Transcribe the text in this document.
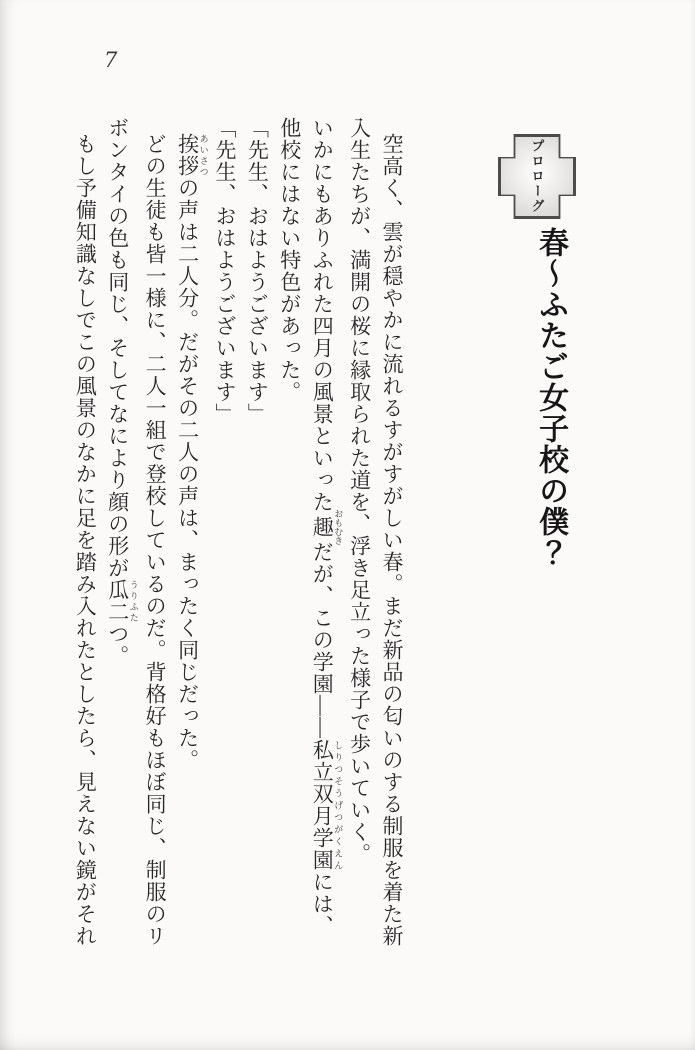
7
プロローグ
春～ふたご女子校の僕？

空高く、雲が穏やかに流れるすがすがしい春。まだ新品の匂いのする制服を着た新

入生たちが、満開の桜に縁取られた道を、浮き足立った様子で歩いていく。

いかにもありふれた四月の風景といった趣 おもむきだが、この学園――私立双月学園 しりつそうげつがくえんには、

他校にはない特色があった。

「先生、おはようございます」

「先生、おはようございます」

挨拶 あいさつの声は二人分。だがその二人の声は、まったく同じだった。

どの生徒も皆一様に、二人一組で登校しているのだ。背格好もほぼ同じ、制服のリ

ボンタイの色も同じ、そしてなにより顔の形が瓜二 うりふたつ。

もし予備知識なしでこの風景のなかに足を踏み入れたとしたら、見えない鏡がそれ
